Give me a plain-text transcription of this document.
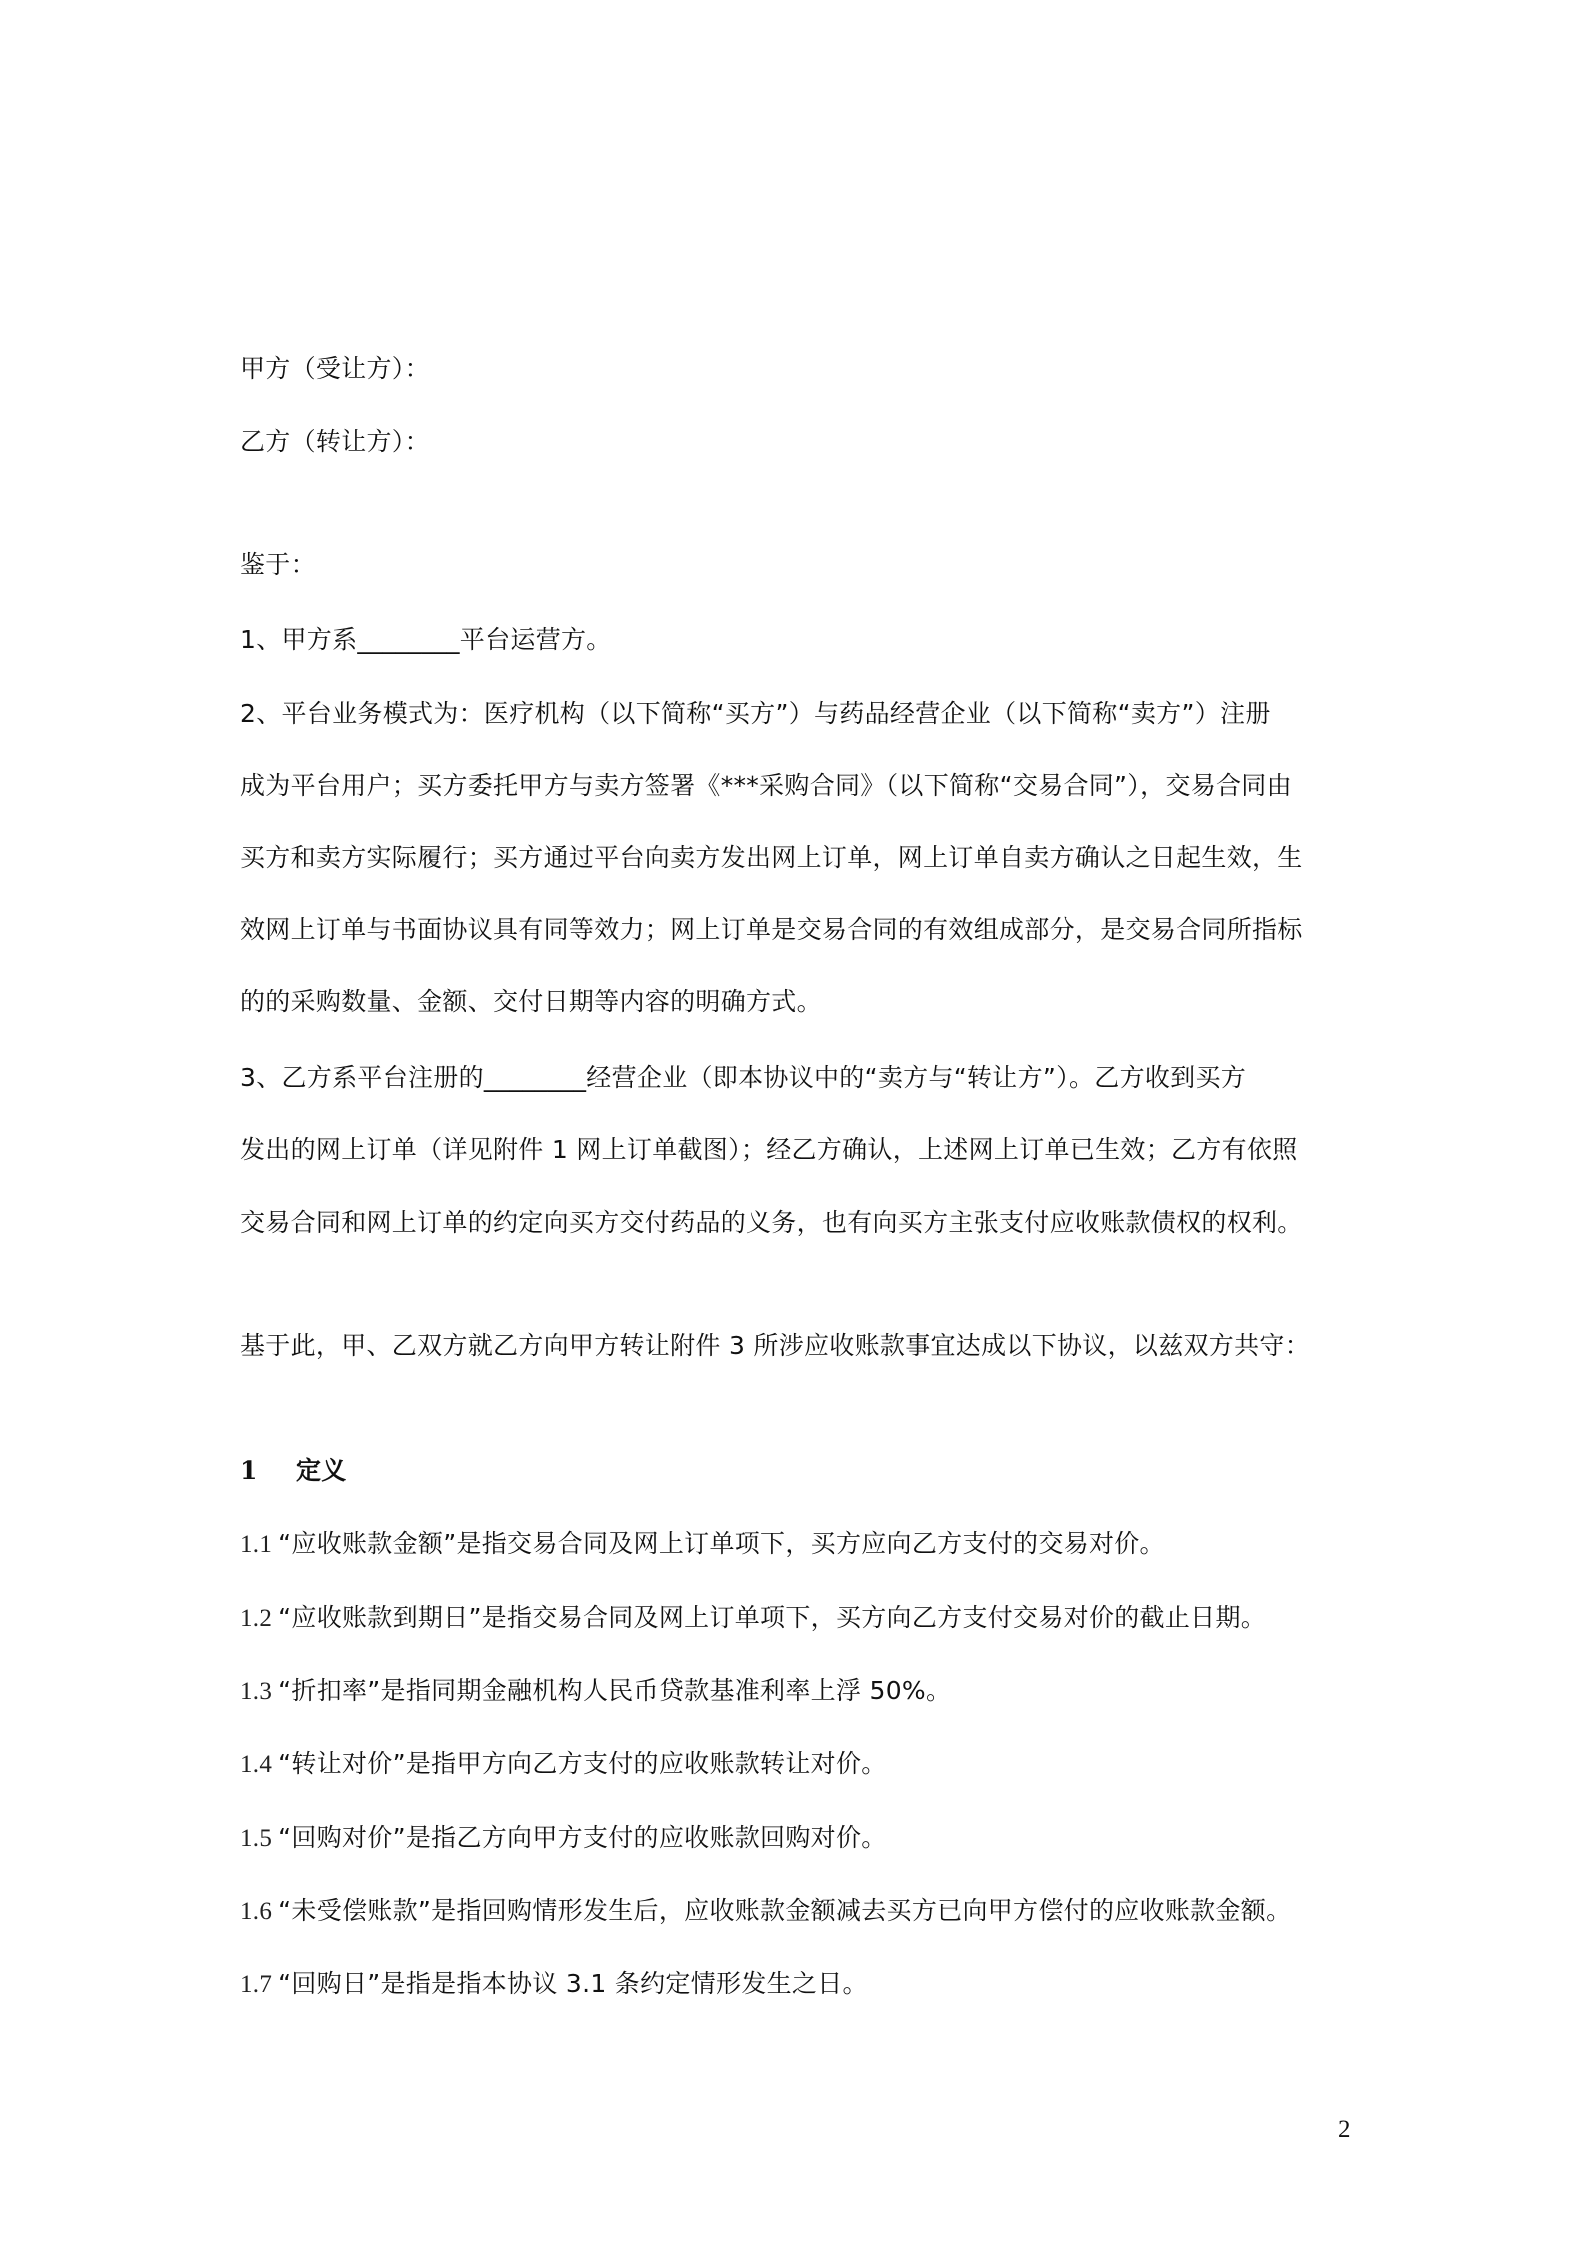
甲方（受让方）：
乙方（转让方）：
鉴于：
1、甲方系________平台运营方。
2、平台业务模式为：医疗机构（以下简称“买方”）与药品经营企业（以下简称“卖方”）注册
成为平台用户；买方委托甲方与卖方签署《***采购合同》（以下简称“交易合同”），交易合同由
买方和卖方实际履行；买方通过平台向卖方发出网上订单，网上订单自卖方确认之日起生效，生
效网上订单与书面协议具有同等效力；网上订单是交易合同的有效组成部分，是交易合同所指标
的的采购数量、金额、交付日期等内容的明确方式。
3、乙方系平台注册的________经营企业（即本协议中的“卖方与“转让方”）。乙方收到买方
发出的网上订单（详见附件 1 网上订单截图）；经乙方确认，上述网上订单已生效；乙方有依照
交易合同和网上订单的约定向买方交付药品的义务，也有向买方主张支付应收账款债权的权利。
基于此，甲、乙双方就乙方向甲方转让附件 3 所涉应收账款事宜达成以下协议，以兹双方共守：
1 定义
1.1 “应收账款金额”是指交易合同及网上订单项下，买方应向乙方支付的交易对价。
1.2 “应收账款到期日”是指交易合同及网上订单项下，买方向乙方支付交易对价的截止日期。
1.3 “折扣率”是指同期金融机构人民币贷款基准利率上浮 50%。
1.4 “转让对价”是指甲方向乙方支付的应收账款转让对价。
1.5 “回购对价”是指乙方向甲方支付的应收账款回购对价。
1.6 “未受偿账款”是指回购情形发生后，应收账款金额减去买方已向甲方偿付的应收账款金额。
1.7 “回购日”是指是指本协议 3.1 条约定情形发生之日。
2
